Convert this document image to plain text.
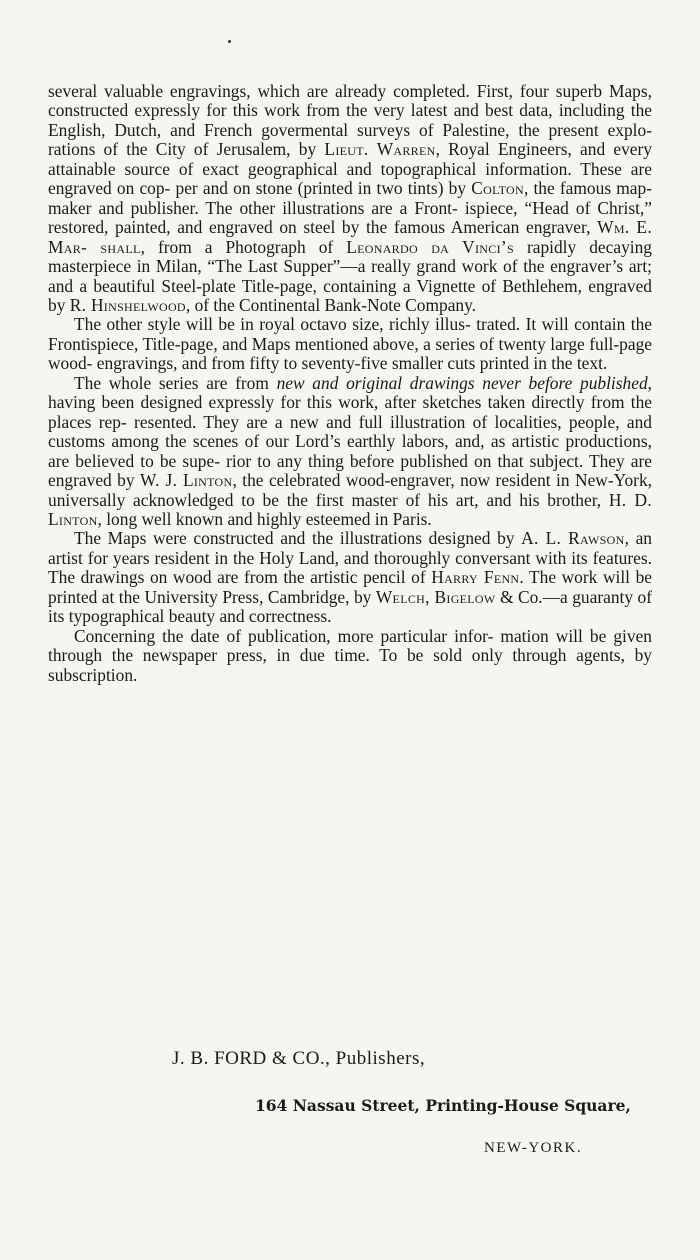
several valuable engravings, which are already completed. First, four superb Maps, constructed expressly for this work from the very latest and best data, including the English, Dutch, and French govermental surveys of Palestine, the present explo- rations of the City of Jerusalem, by Lieut. Warren, Royal Engineers, and every attainable source of exact geographical and topographical information. These are engraved on cop- per and on stone (printed in two tints) by Colton, the famous map-maker and publisher. The other illustrations are a Front- ispiece, “Head of Christ,” restored, painted, and engraved on steel by the famous American engraver, Wm. E. Mar- shall, from a Photograph of Leonardo da Vinci’s rapidly decaying masterpiece in Milan, “The Last Supper”—a really grand work of the engraver’s art; and a beautiful Steel-plate Title-page, containing a Vignette of Bethlehem, engraved by R. Hinshelwood, of the Continental Bank-Note Company.

The other style will be in royal octavo size, richly illus- trated. It will contain the Frontispiece, Title-page, and Maps mentioned above, a series of twenty large full-page wood- engravings, and from fifty to seventy-five smaller cuts printed in the text.

The whole series are from new and original drawings never before published, having been designed expressly for this work, after sketches taken directly from the places rep- resented. They are a new and full illustration of localities, people, and customs among the scenes of our Lord’s earthly labors, and, as artistic productions, are believed to be supe- rior to any thing before published on that subject. They are engraved by W. J. Linton, the celebrated wood-engraver, now resident in New-York, universally acknowledged to be the first master of his art, and his brother, H. D. Linton, long well known and highly esteemed in Paris.

The Maps were constructed and the illustrations designed by A. L. Rawson, an artist for years resident in the Holy Land, and thoroughly conversant with its features. The drawings on wood are from the artistic pencil of Harry Fenn. The work will be printed at the University Press, Cambridge, by Welch, Bigelow & Co.—a guaranty of its typographical beauty and correctness.

Concerning the date of publication, more particular infor- mation will be given through the newspaper press, in due time. To be sold only through agents, by subscription.

J. B. FORD & CO., Publishers,
164 Nassau Street, Printing-House Square,
NEW-YORK.
